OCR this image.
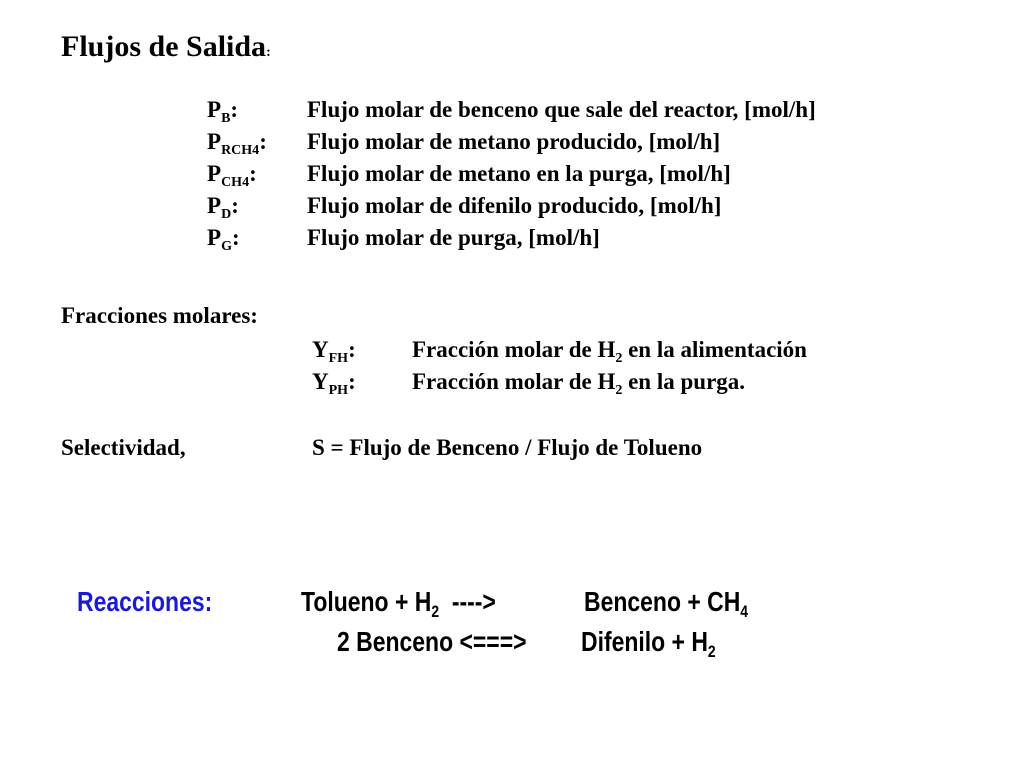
Flujos de Salida:
$P_B$:	Flujo molar de benceno que sale del reactor, [mol/h]
$P_{RCH4}$: Flujo molar de metano producido, [mol/h]
$P_{CH4}$: Flujo molar de metano en la purga, [mol/h]
$P_D$:	Flujo molar de difenilo producido, [mol/h]
$P_G$:	Flujo molar de purga, [mol/h]
Fracciones molares:
$Y_{FH}$: Fracción molar de $H_2$ en la alimentación
$Y_{PH}$: Fracción molar de $H_2$ en la purga.
Selectividad,	S = Flujo de Benceno / Flujo de Tolueno
Reacciones:	Tolueno + $H_2$  ---->	Benceno + $CH_4$
2 Benceno <===> Difenilo + $H_2$
